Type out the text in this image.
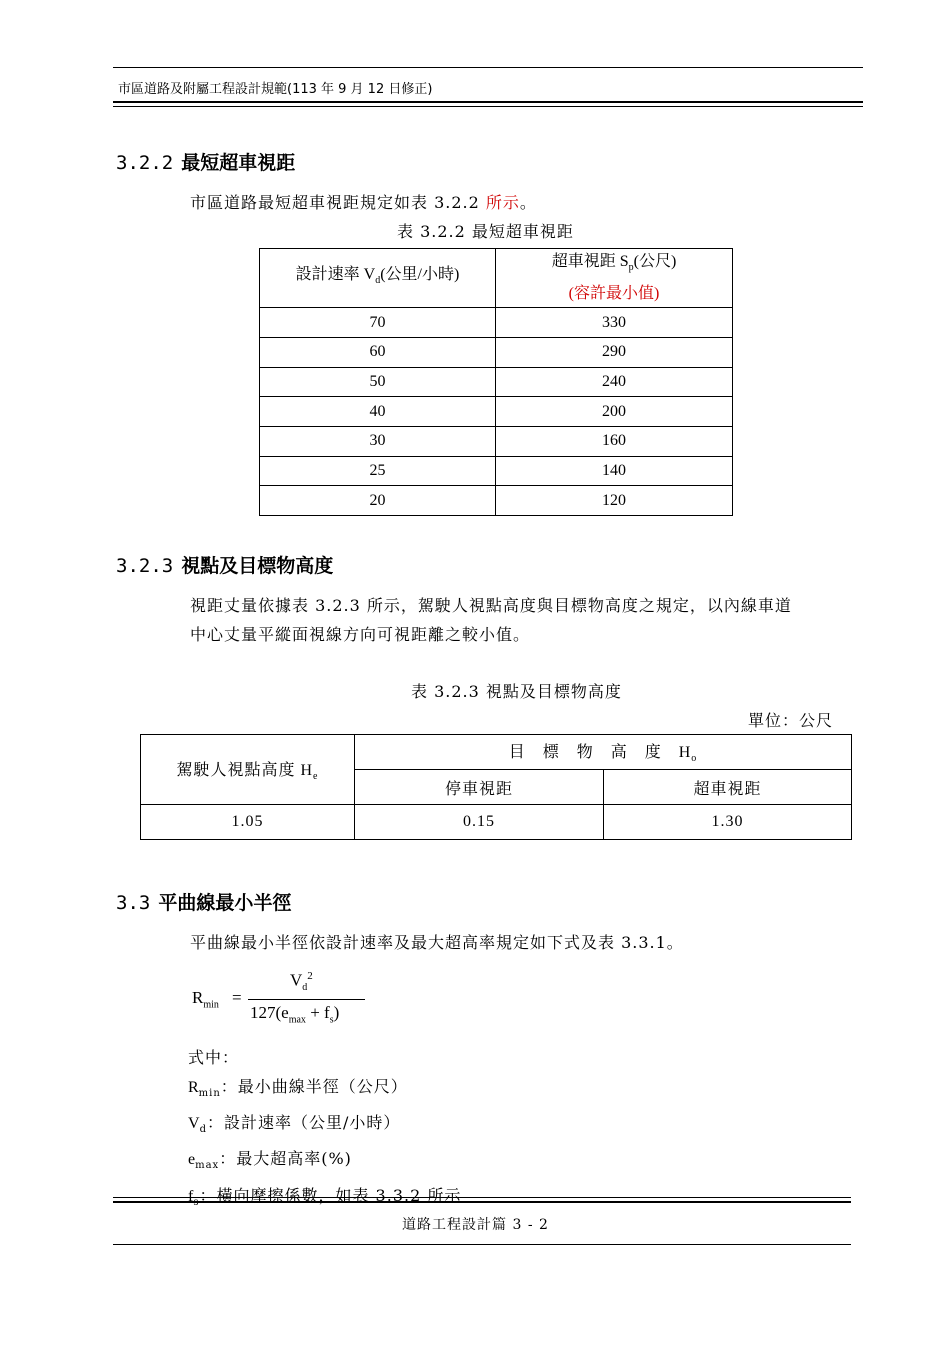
市區道路及附屬工程設計規範(113 年 9 月 12 日修正)
3.2.2 最短超車視距
市區道路最短超車視距規定如表 3.2.2 所示。
表 3.2.2 最短超車視距
設計速率 $V_d$(公里/小時)	超車視距 $S_p$(公尺)
(容許最小值)
70	330
60	290
50	240
40	200
30	160
25	140
20	120
3.2.3 視點及目標物高度
視距丈量依據表 3.2.3 所示，駕駛人視點高度與目標物高度之規定，以內線車道
中心丈量平縱面視線方向可視距離之較小值。
表 3.2.3 視點及目標物高度
單位：公尺
駕駛人視點高度 $H_e$	目標物高度$H_o$
	停車視距	超車視距
1.05	0.15	1.30
3.3 平曲線最小半徑
平曲線最小半徑依設計速率及最大超高率規定如下式及表 3.3.1。
$R_{min}$ =
$V_d^2$
$127(e_{max} + f_s)$
式中：
$R_{min}$：最小曲線半徑（公尺）
$V_d$：設計速率（公里/小時）
$e_{max}$：最大超高率(%)
$f_s$：橫向摩擦係數，如表 3.3.2 所示
道路工程設計篇 3 - 2
